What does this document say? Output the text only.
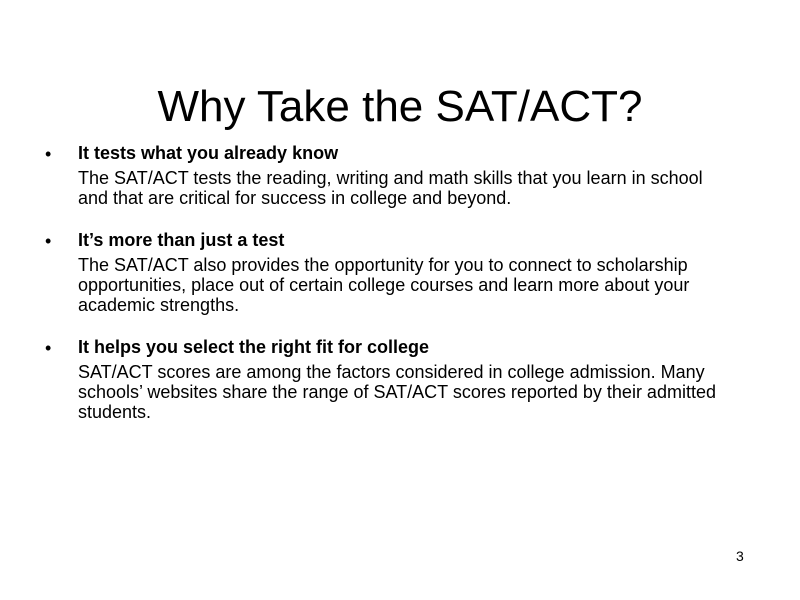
Why Take the SAT/ACT?
• It tests what you already know
The SAT/ACT tests the reading, writing and math skills that you learn in school and that are critical for success in college and beyond.
• It’s more than just a test
The SAT/ACT also provides the opportunity for you to connect to scholarship opportunities, place out of certain college courses and learn more about your academic strengths.
• It helps you select the right fit for college
SAT/ACT scores are among the factors considered in college admission. Many schools’ websites share the range of SAT/ACT scores reported by their admitted students.
3
